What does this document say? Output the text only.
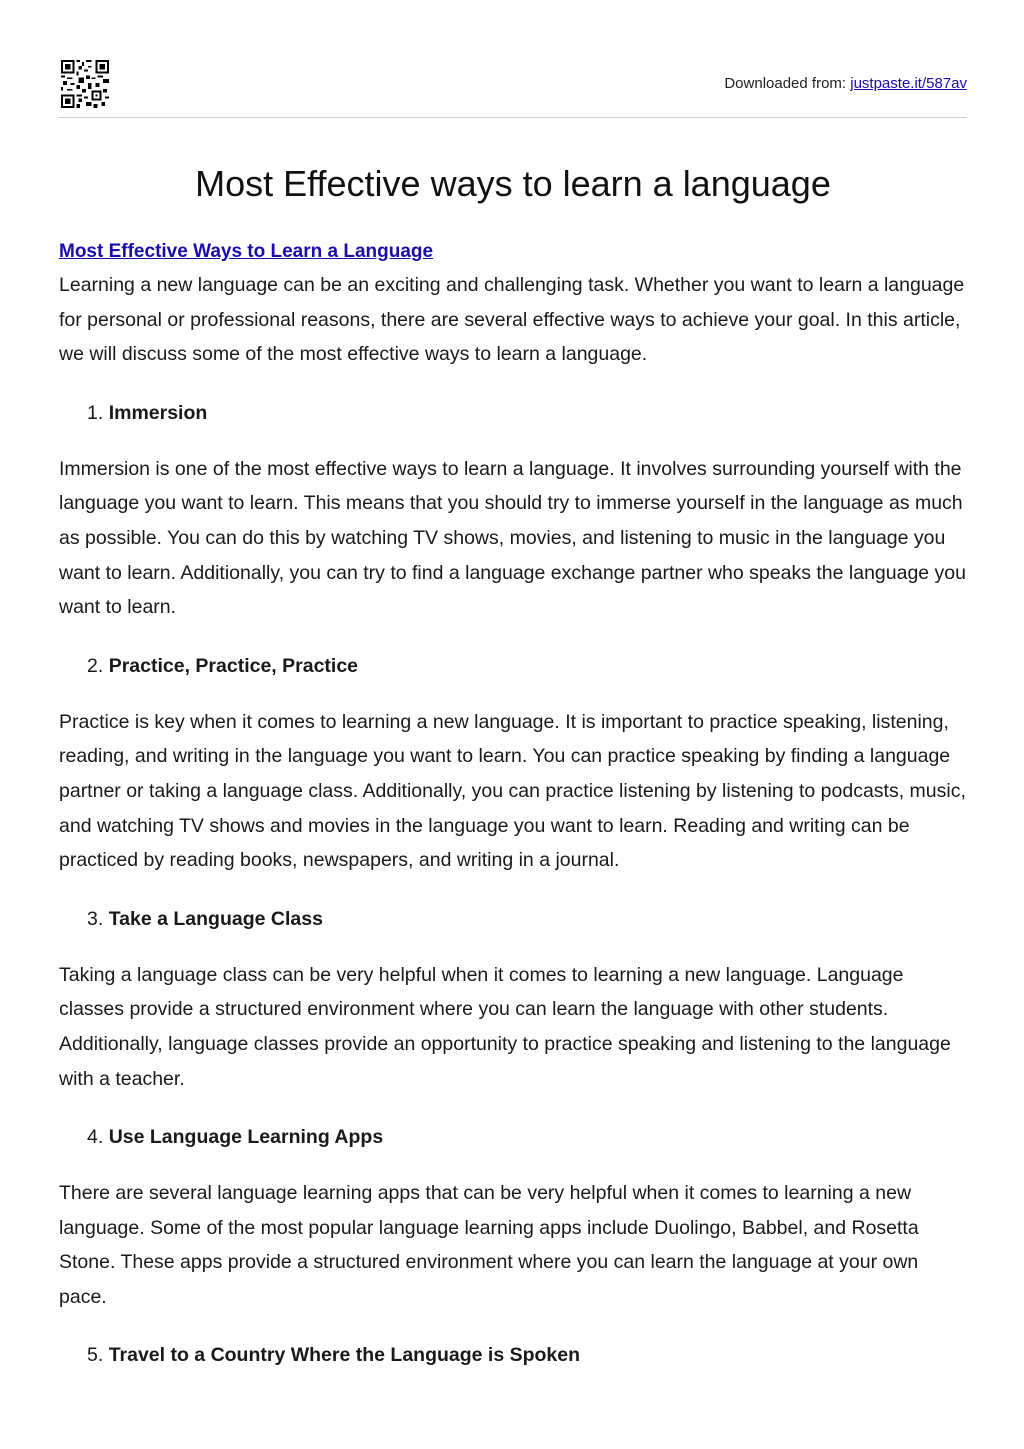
Downloaded from: justpaste.it/587av
Most Effective ways to learn a language
Most Effective Ways to Learn a Language

Learning a new language can be an exciting and challenging task. Whether you want to learn a language for personal or professional reasons, there are several effective ways to achieve your goal. In this article, we will discuss some of the most effective ways to learn a language.

1. Immersion

Immersion is one of the most effective ways to learn a language. It involves surrounding yourself with the language you want to learn. This means that you should try to immerse yourself in the language as much as possible. You can do this by watching TV shows, movies, and listening to music in the language you want to learn. Additionally, you can try to find a language exchange partner who speaks the language you want to learn.

2. Practice, Practice, Practice

Practice is key when it comes to learning a new language. It is important to practice speaking, listening, reading, and writing in the language you want to learn. You can practice speaking by finding a language partner or taking a language class. Additionally, you can practice listening by listening to podcasts, music, and watching TV shows and movies in the language you want to learn. Reading and writing can be practiced by reading books, newspapers, and writing in a journal.

3. Take a Language Class

Taking a language class can be very helpful when it comes to learning a new language. Language classes provide a structured environment where you can learn the language with other students. Additionally, language classes provide an opportunity to practice speaking and listening to the language with a teacher.

4. Use Language Learning Apps

There are several language learning apps that can be very helpful when it comes to learning a new language. Some of the most popular language learning apps include Duolingo, Babbel, and Rosetta Stone. These apps provide a structured environment where you can learn the language at your own pace.

5. Travel to a Country Where the Language is Spoken
